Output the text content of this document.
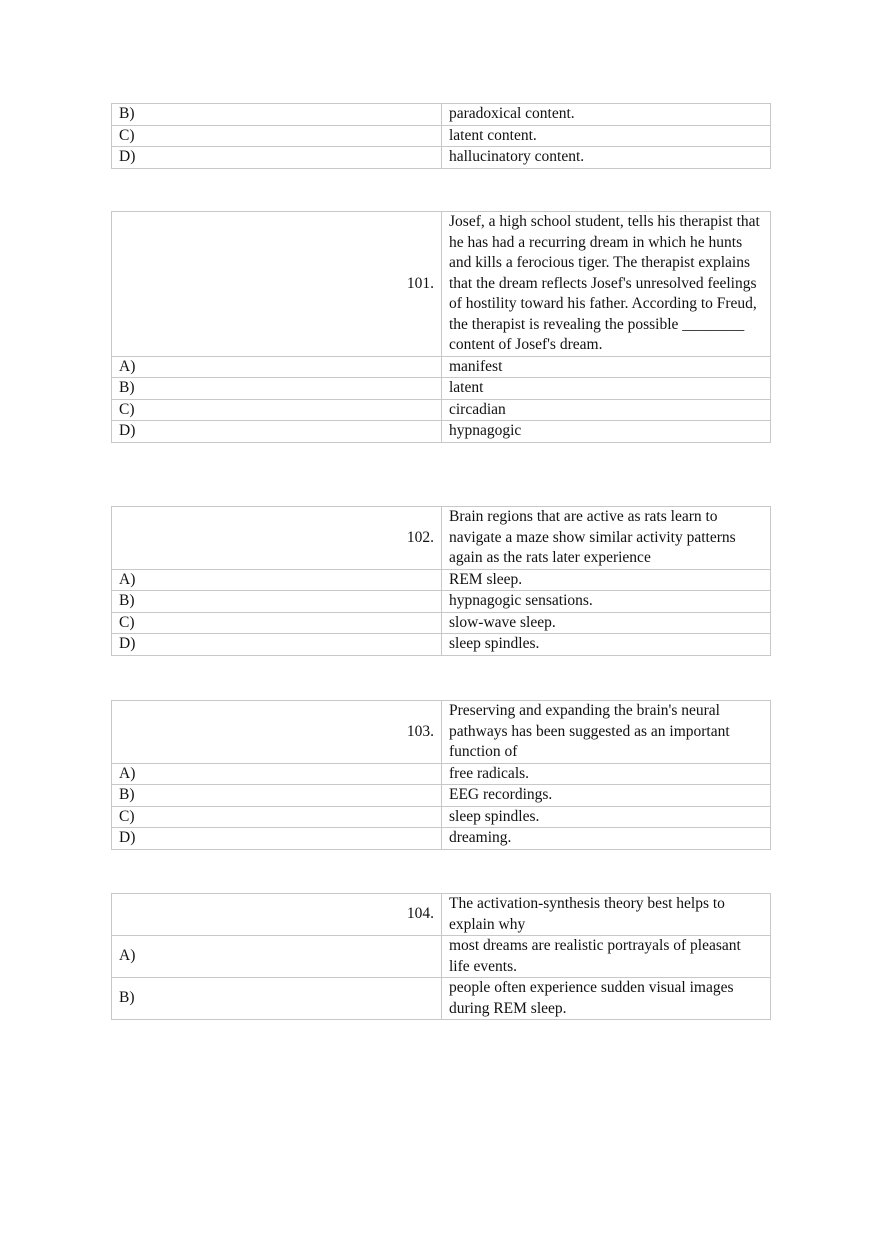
B)	paradoxical content.
C)	latent content.
D)	hallucinatory content.
101.	Josef, a high school student, tells his therapist that he has had a recurring dream in which he hunts and kills a ferocious tiger. The therapist explains that the dream reflects Josef's unresolved feelings of hostility toward his father. According to Freud, the therapist is revealing the possible ________ content of Josef's dream.
A)	manifest
B)	latent
C)	circadian
D)	hypnagogic
102.	Brain regions that are active as rats learn to navigate a maze show similar activity patterns again as the rats later experience
A)	REM sleep.
B)	hypnagogic sensations.
C)	slow-wave sleep.
D)	sleep spindles.
103.	Preserving and expanding the brain's neural pathways has been suggested as an important function of
A)	free radicals.
B)	EEG recordings.
C)	sleep spindles.
D)	dreaming.
104.	The activation-synthesis theory best helps to explain why
A)	most dreams are realistic portrayals of pleasant life events.
B)	people often experience sudden visual images during REM sleep.
